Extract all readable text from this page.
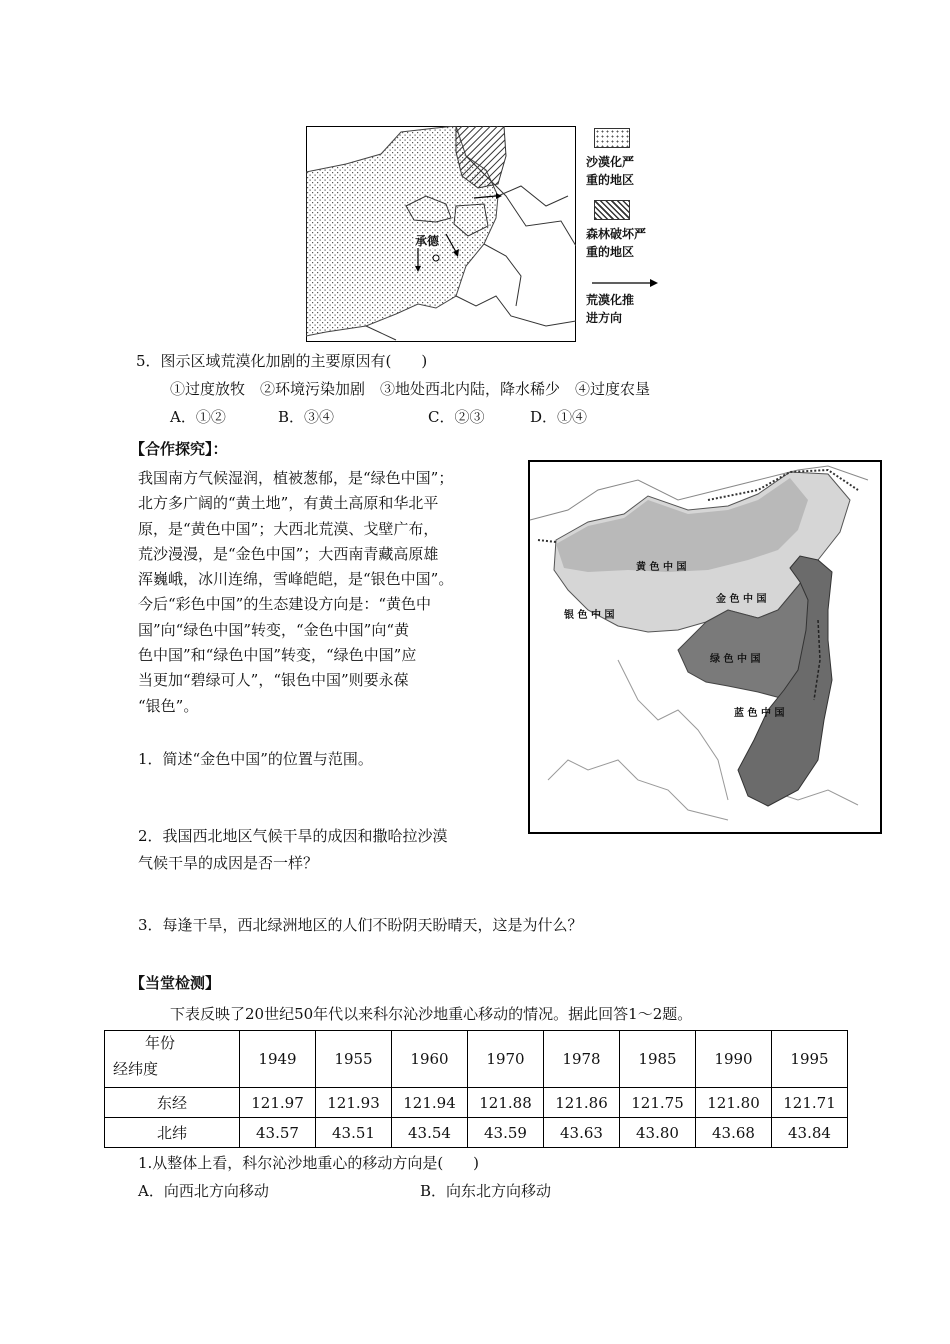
承德
沙漠化严
重的地区
森林破坏严
重的地区
荒漠化推
进方向
5．图示区域荒漠化加剧的主要原因有(　　)
①过度放牧　②环境污染加剧　③地处西北内陆，降水稀少　④过度农垦
A．①②	B．③④	C．②③	D．①④
【合作探究】：
我国南方气候湿润，植被葱郁，是“绿色中国”；
北方多广阔的“黄土地”，有黄土高原和华北平
原，是“黄色中国”；大西北荒漠、戈壁广布，
荒沙漫漫，是“金色中国”；大西南青藏高原雄
浑巍峨，冰川连绵，雪峰皑皑，是“银色中国”。
今后“彩色中国”的生态建设方向是：“黄色中
国”向“绿色中国”转变，“金色中国”向“黄
色中国”和“绿色中国”转变，“绿色中国”应
当更加“碧绿可人”，“银色中国”则要永葆
“银色”。
1．简述“金色中国”的位置与范围。
2．我国西北地区气候干旱的成因和撒哈拉沙漠
气候干旱的成因是否一样？
3．每逢干旱，西北绿洲地区的人们不盼阴天盼晴天，这是为什么？
黄 色 中 国
银 色 中 国
金 色 中 国
绿 色 中 国
蓝 色 中 国
【当堂检测】
下表反映了20世纪50年代以来科尔沁沙地重心移动的情况。据此回答1～2题。
年份
经纬度	1949	1955	1960	1970	1978	1985	1990	1995
东经	121.97	121.93	121.94	121.88	121.86	121.75	121.80	121.71
北纬	43.57	43.51	43.54	43.59	43.63	43.80	43.68	43.84
1.从整体上看，科尔沁沙地重心的移动方向是(　　)
A．向西北方向移动	B．向东北方向移动
